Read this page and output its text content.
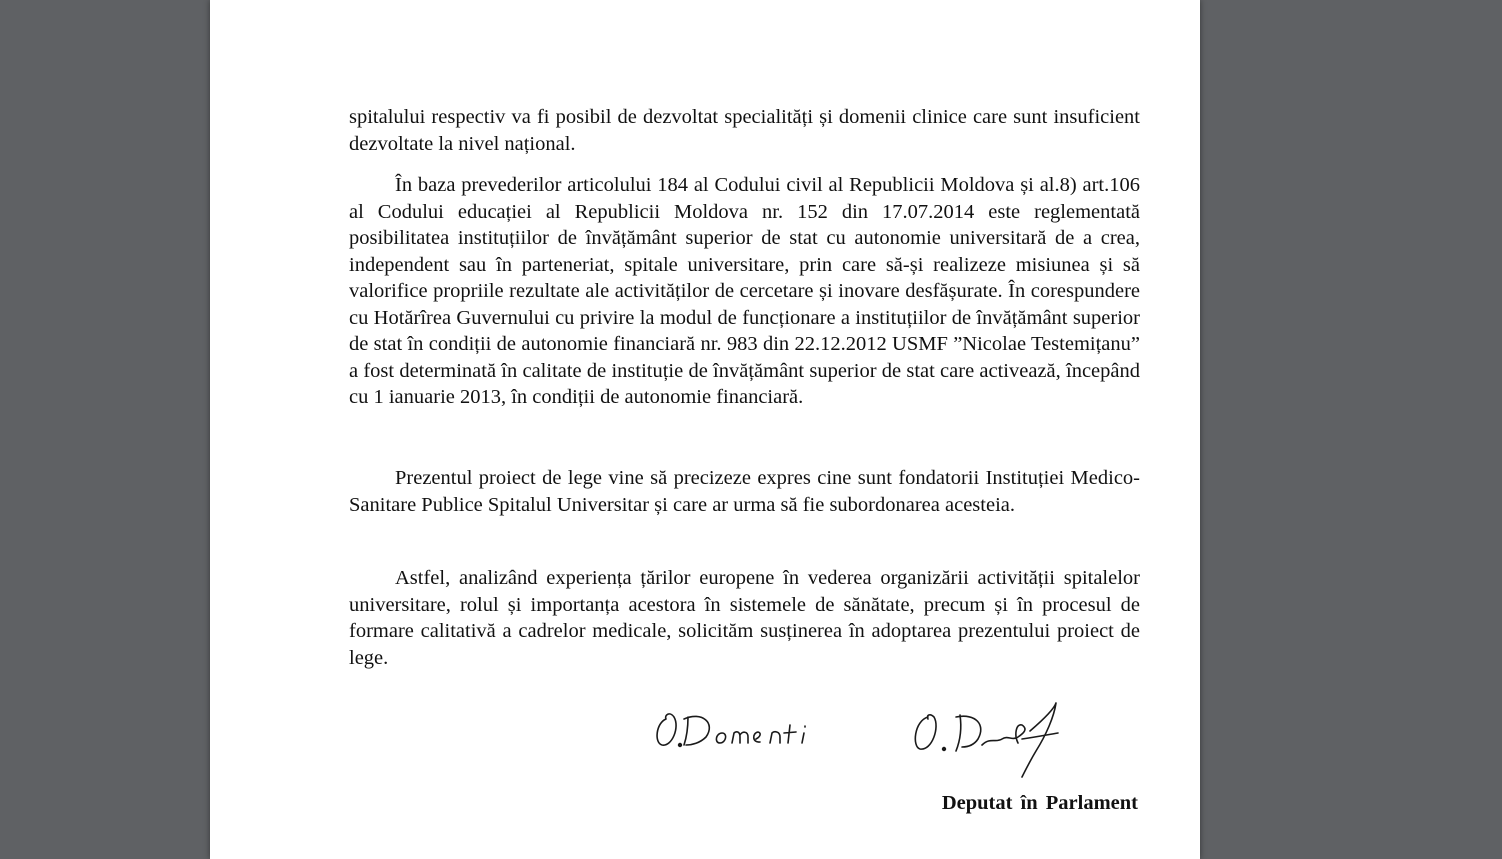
spitalului respectiv va fi posibil de dezvoltat specialități și domenii clinice care sunt insuficient dezvoltate la nivel național.

În baza prevederilor articolului 184 al Codului civil al Republicii Moldova și al.8) art.106 al Codului educației al Republicii Moldova nr. 152 din 17.07.2014 este reglementată posibilitatea instituțiilor de învățământ superior de stat cu autonomie universitară de a crea, independent sau în parteneriat, spitale universitare, prin care să-și realizeze misiunea și să valorifice propriile rezultate ale activităților de cercetare și inovare desfășurate. În corespundere cu Hotărîrea Guvernului cu privire la modul de funcționare a instituțiilor de învățământ superior de stat în condiții de autonomie financiară nr. 983 din 22.12.2012 USMF ”Nicolae Testemițanu” a fost determinată în calitate de instituție de învățământ superior de stat care activează, începând cu 1 ianuarie 2013, în condiții de autonomie financiară.

Prezentul proiect de lege vine să precizeze expres cine sunt fondatorii Instituției Medico-Sanitare Publice Spitalul Universitar și care ar urma să fie subordonarea acesteia.

Astfel, analizând experiența țărilor europene în vederea organizării activității spitalelor universitare, rolul și importanța acestora în sistemele de sănătate, precum și în procesul de formare calitativă a cadrelor medicale, solicităm susținerea în adoptarea prezentului proiect de lege.

Deputat în Parlament
